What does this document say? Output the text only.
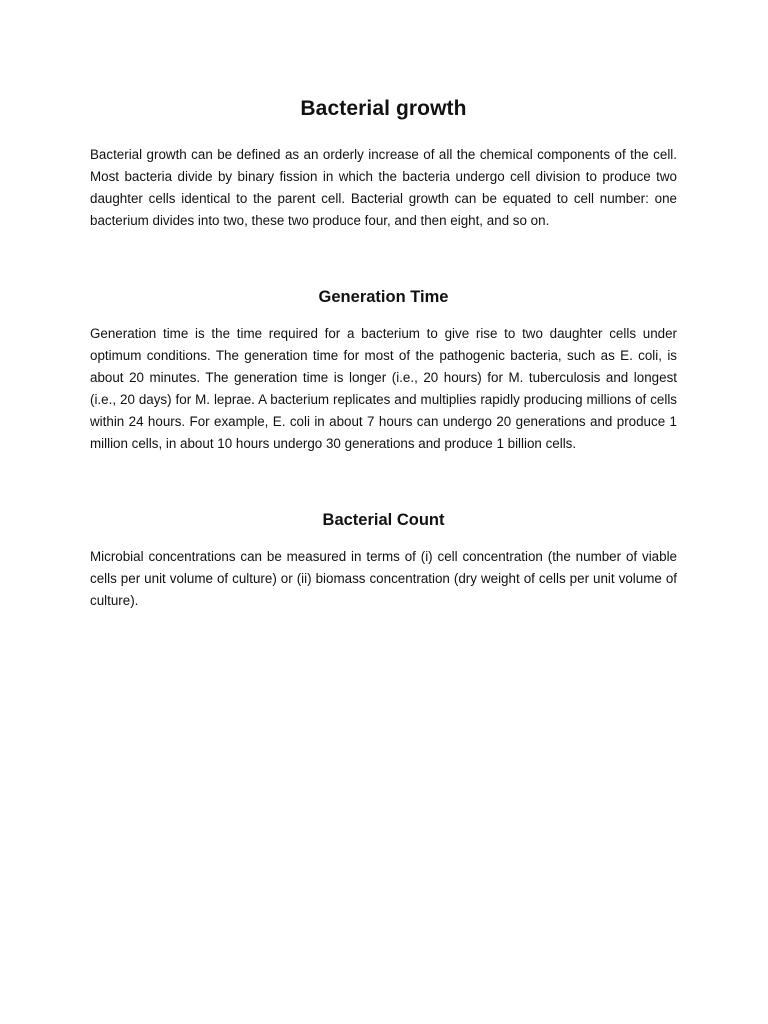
Bacterial growth

Bacterial growth can be defined as an orderly increase of all the chemical components of the cell. Most bacteria divide by binary fission in which the bacteria undergo cell division to produce two daughter cells identical to the parent cell. Bacterial growth can be equated to cell number: one bacterium divides into two, these two produce four, and then eight, and so on.

Generation Time

Generation time is the time required for a bacterium to give rise to two daughter cells under optimum conditions. The generation time for most of the pathogenic bacteria, such as E. coli, is about 20 minutes. The generation time is longer (i.e., 20 hours) for M. tuberculosis and longest (i.e., 20 days) for M. leprae. A bacterium replicates and multiplies rapidly producing millions of cells within 24 hours. For example, E. coli in about 7 hours can undergo 20 generations and produce 1 million cells, in about 10 hours undergo 30 generations and produce 1 billion cells.

Bacterial Count

Microbial concentrations can be measured in terms of (i) cell concentration (the number of viable cells per unit volume of culture) or (ii) biomass concentration (dry weight of cells per unit volume of culture).
